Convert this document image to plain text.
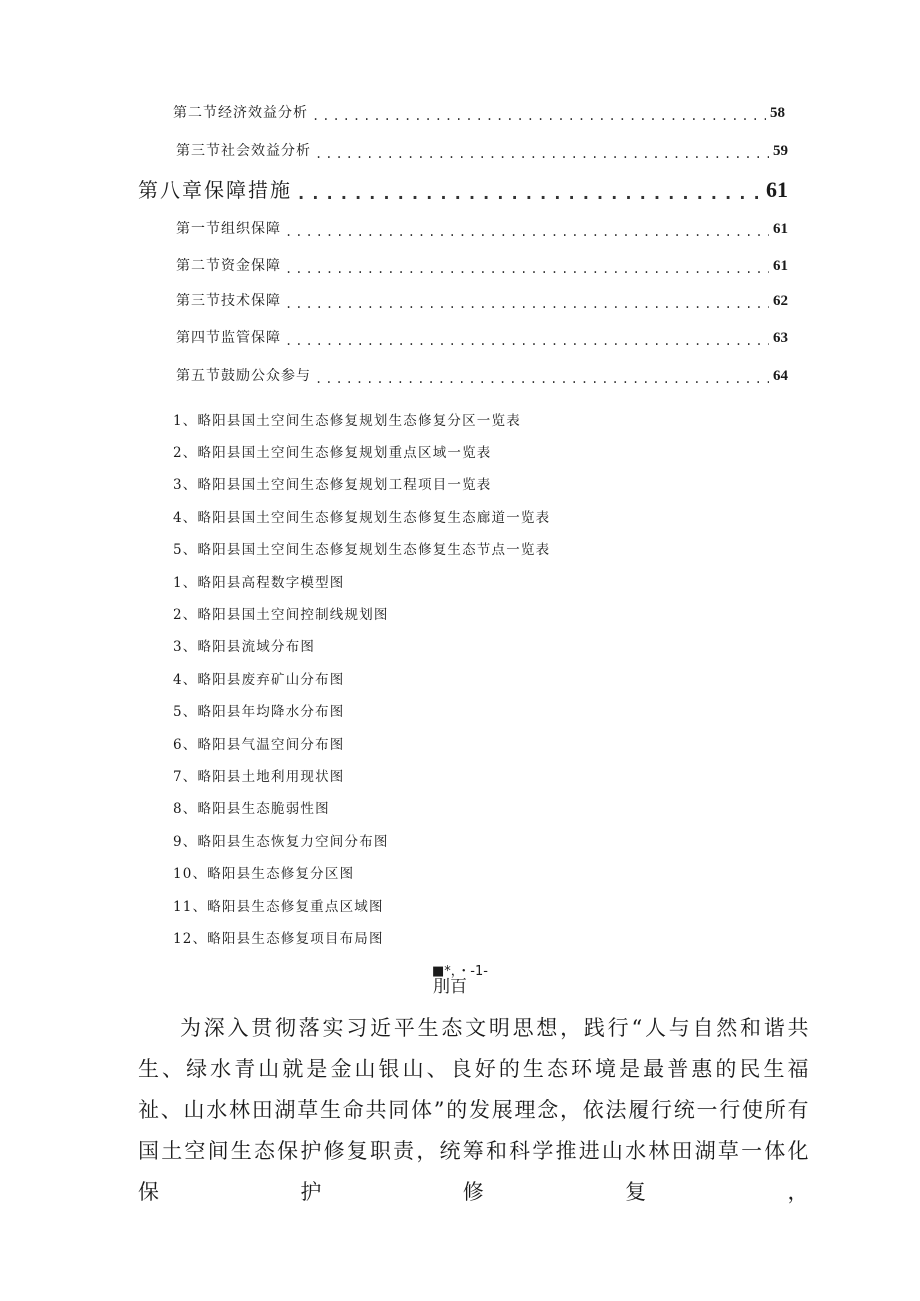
第二节经济效益分析 .....	58
第三节社会效益分析 .....	59
第八章保障措施 .....	61
第一节组织保障 .....	61
第二节资金保障 .....	61
第三节技术保障 .....	62
第四节监管保障 .....	63
第五节鼓励公众参与 .....	64
1、略阳县国土空间生态修复规划生态修复分区一览表
2、略阳县国土空间生态修复规划重点区域一览表
3、略阳县国土空间生态修复规划工程项目一览表
4、略阳县国土空间生态修复规划生态修复生态廊道一览表
5、略阳县国土空间生态修复规划生态修复生态节点一览表
1、略阳县高程数字模型图
2、略阳县国土空间控制线规划图
3、略阳县流域分布图
4、略阳县废弃矿山分布图
5、略阳县年均降水分布图
6、略阳县气温空间分布图
7、略阳县土地利用现状图
8、略阳县生态脆弱性图
9、略阳县生态恢复力空间分布图
10、略阳县生态修复分区图
11、略阳县生态修复重点区域图
12、略阳县生态修复项目布局图
■*，・-1-
刖百

为深入贯彻落实习近平生态文明思想，践行“人与自然和谐共生、绿水青山就是金山银山、良好的生态环境是最普惠的民生福祉、山水林田湖草生命共同体”的发展理念，依法履行统一行使所有国土空间生态保护修复职责，统筹和科学推进山水林田湖草一体化保护修复，
